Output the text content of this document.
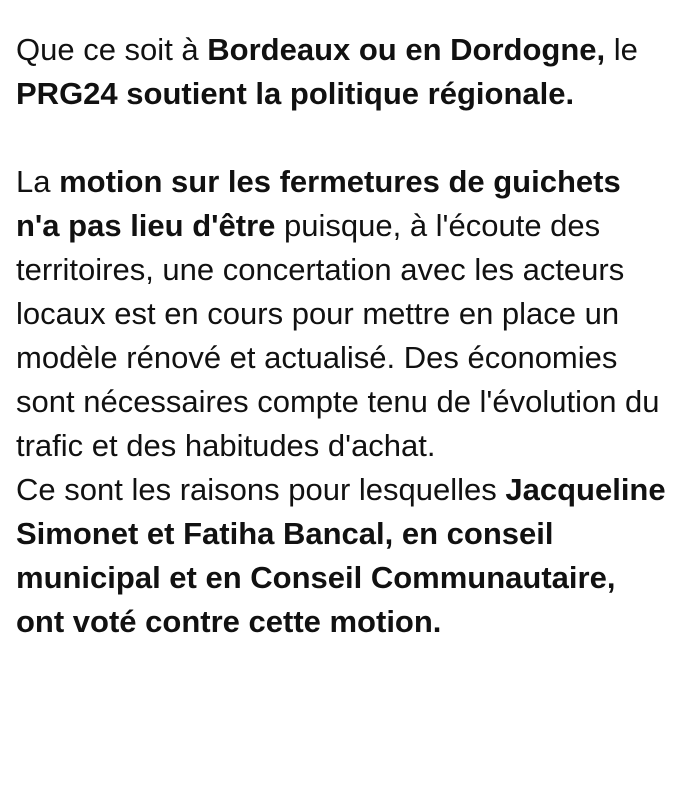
Que ce soit à Bordeaux ou en Dordogne, le PRG24 soutient la politique régionale.

La motion sur les fermetures de guichets n'a pas lieu d'être puisque, à l'écoute des territoires, une concertation avec les acteurs locaux est en cours pour mettre en place un modèle rénové et actualisé. Des économies sont nécessaires compte tenu de l'évolution du trafic et des habitudes d'achat.

Ce sont les raisons pour lesquelles Jacqueline Simonet et Fatiha Bancal, en conseil municipal et en Conseil Communautaire, ont voté contre cette motion.
